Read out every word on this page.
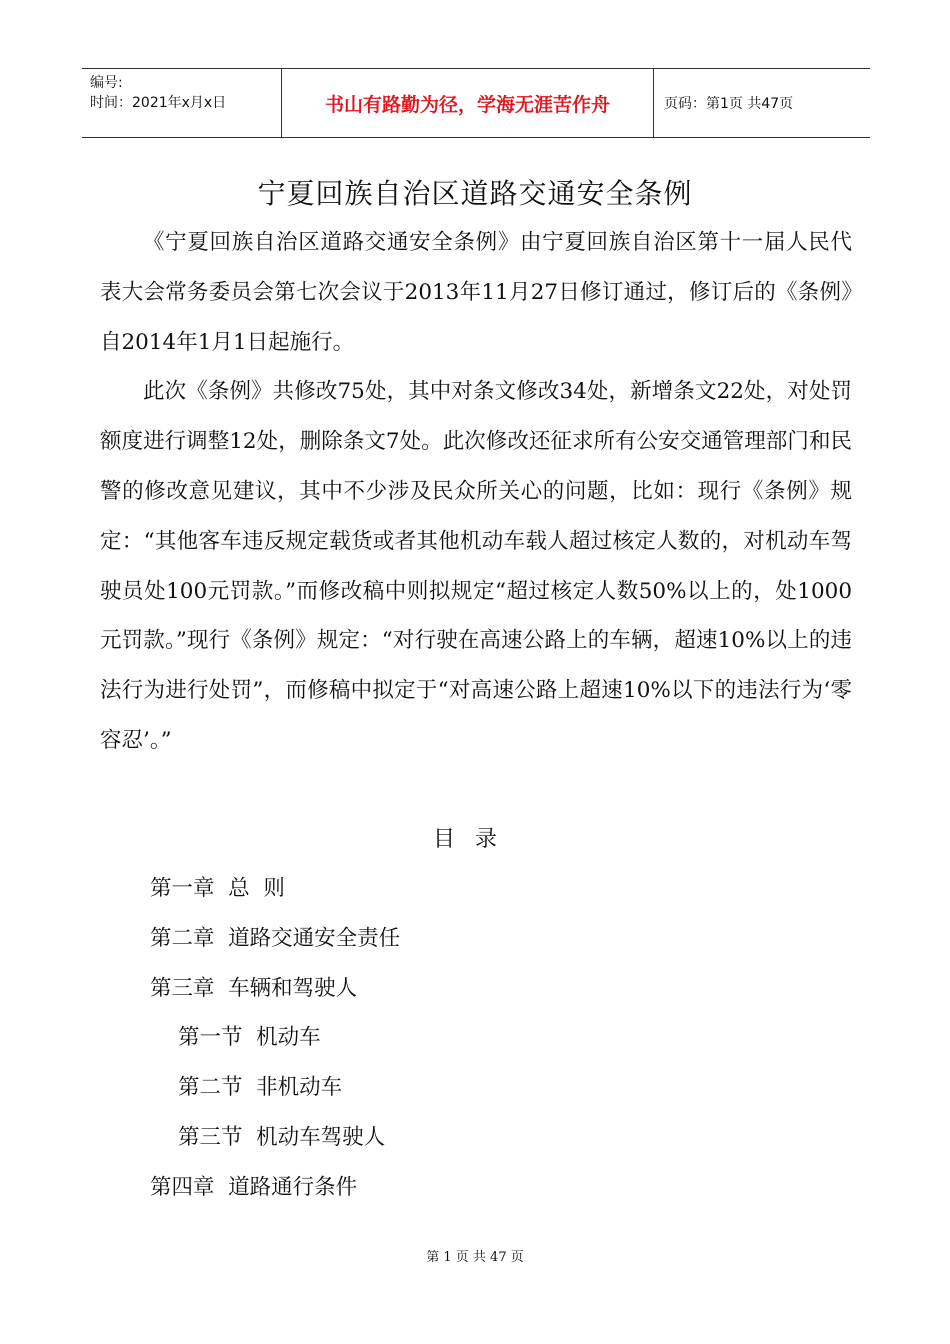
编号:
时间：2021年x月x日	书山有路勤为径，学海无涯苦作舟	页码：第1页 共47页
宁夏回族自治区道路交通安全条例

《宁夏回族自治区道路交通安全条例》由宁夏回族自治区第十一届人民代表大会常务委员会第七次会议于2013年11月27日修订通过，修订后的《条例》自2014年1月1日起施行。

此次《条例》共修改75处，其中对条文修改34处，新增条文22处，对处罚额度进行调整12处，删除条文7处。此次修改还征求所有公安交通管理部门和民警的修改意见建议，其中不少涉及民众所关心的问题，比如：现行《条例》规定：“其他客车违反规定载货或者其他机动车载人超过核定人数的，对机动车驾驶员处100元罚款。”而修改稿中则拟规定“超过核定人数50%以上的，处1000元罚款。”现行《条例》规定：“对行驶在高速公路上的车辆，超速10%以上的违法行为进行处罚”，而修稿中拟定于“对高速公路上超速10%以下的违法行为‘零容忍’。”

目录
第一章  总  则
第二章  道路交通安全责任
第三章  车辆和驾驶人
第一节  机动车
第二节  非机动车
第三节  机动车驾驶人
第四章  道路通行条件
第 1 页 共 47 页
